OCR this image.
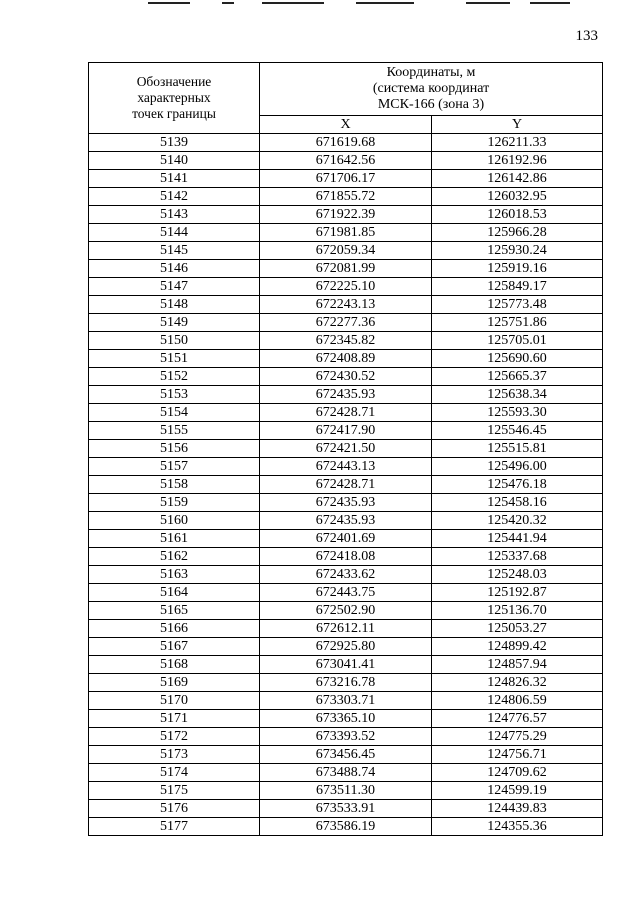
133
Обозначение
характерных
точек границы	Координаты, м
(система координат
МСК-166 (зона 3)	

	X	Y
5139	671619.68	126211.33
5140	671642.56	126192.96
5141	671706.17	126142.86
5142	671855.72	126032.95
5143	671922.39	126018.53
5144	671981.85	125966.28
5145	672059.34	125930.24
5146	672081.99	125919.16
5147	672225.10	125849.17
5148	672243.13	125773.48
5149	672277.36	125751.86
5150	672345.82	125705.01
5151	672408.89	125690.60
5152	672430.52	125665.37
5153	672435.93	125638.34
5154	672428.71	125593.30
5155	672417.90	125546.45
5156	672421.50	125515.81
5157	672443.13	125496.00
5158	672428.71	125476.18
5159	672435.93	125458.16
5160	672435.93	125420.32
5161	672401.69	125441.94
5162	672418.08	125337.68
5163	672433.62	125248.03
5164	672443.75	125192.87
5165	672502.90	125136.70
5166	672612.11	125053.27
5167	672925.80	124899.42
5168	673041.41	124857.94
5169	673216.78	124826.32
5170	673303.71	124806.59
5171	673365.10	124776.57
5172	673393.52	124775.29
5173	673456.45	124756.71
5174	673488.74	124709.62
5175	673511.30	124599.19
5176	673533.91	124439.83
5177	673586.19	124355.36
